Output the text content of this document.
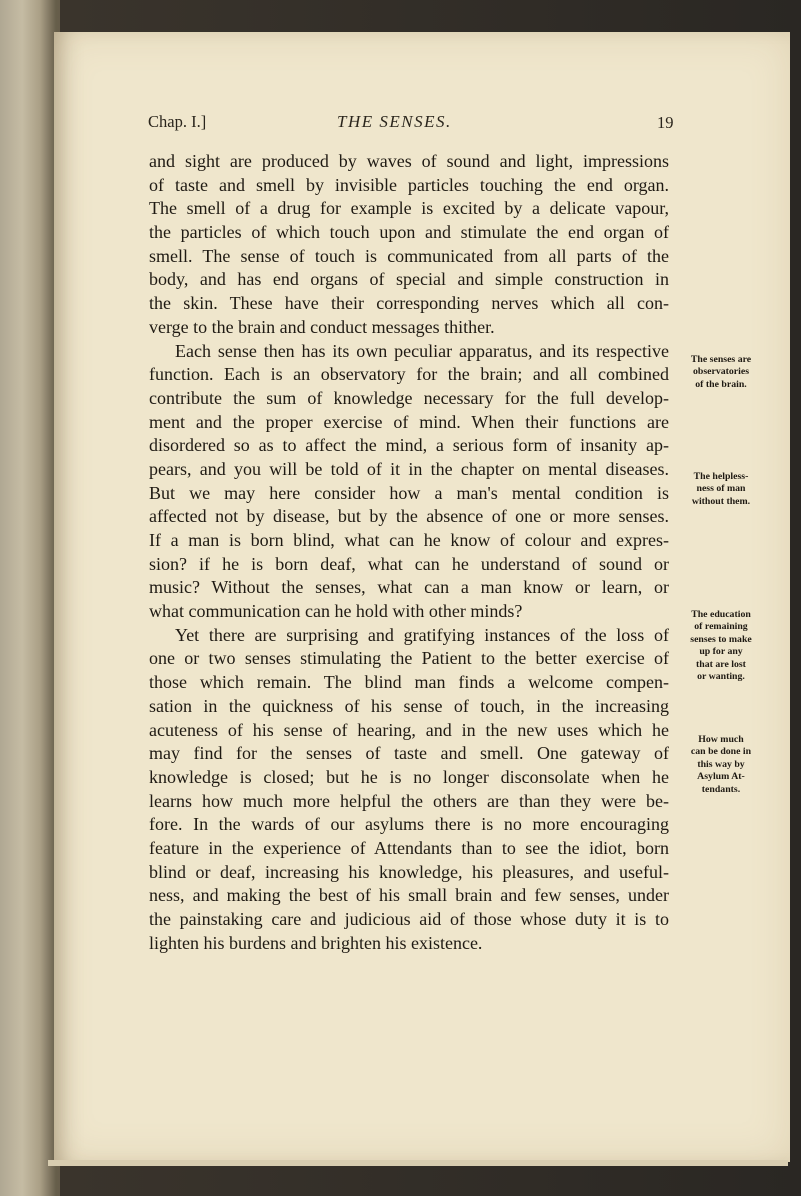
Chap. I.]	THE SENSES.	19
and sight are produced by waves of sound and light, impressions
of taste and smell by invisible particles touching the end organ.
The smell of a drug for example is excited by a delicate vapour,
the particles of which touch upon and stimulate the end organ of
smell. The sense of touch is communicated from all parts of the
body, and has end organs of special and simple construction in
the skin. These have their corresponding nerves which all con-
verge to the brain and conduct messages thither.
Each sense then has its own peculiar apparatus, and its respective
function. Each is an observatory for the brain; and all combined
contribute the sum of knowledge necessary for the full develop-
ment and the proper exercise of mind. When their functions are
disordered so as to affect the mind, a serious form of insanity ap-
pears, and you will be told of it in the chapter on mental diseases.
But we may here consider how a man's mental condition is
affected not by disease, but by the absence of one or more senses.
If a man is born blind, what can he know of colour and expres-
sion? if he is born deaf, what can he understand of sound or
music? Without the senses, what can a man know or learn, or
what communication can he hold with other minds?
Yet there are surprising and gratifying instances of the loss of
one or two senses stimulating the Patient to the better exercise of
those which remain. The blind man finds a welcome compen-
sation in the quickness of his sense of touch, in the increasing
acuteness of his sense of hearing, and in the new uses which he
may find for the senses of taste and smell. One gateway of
knowledge is closed; but he is no longer disconsolate when he
learns how much more helpful the others are than they were be-
fore. In the wards of our asylums there is no more encouraging
feature in the experience of Attendants than to see the idiot, born
blind or deaf, increasing his knowledge, his pleasures, and useful-
ness, and making the best of his small brain and few senses, under
the painstaking care and judicious aid of those whose duty it is to
lighten his burdens and brighten his existence.
The senses are
observatories
of the brain.
The helpless-
ness of man
without them.
The education
of remaining
senses to make
up for any
that are lost
or wanting.
How much
can be done in
this way by
Asylum At-
tendants.
